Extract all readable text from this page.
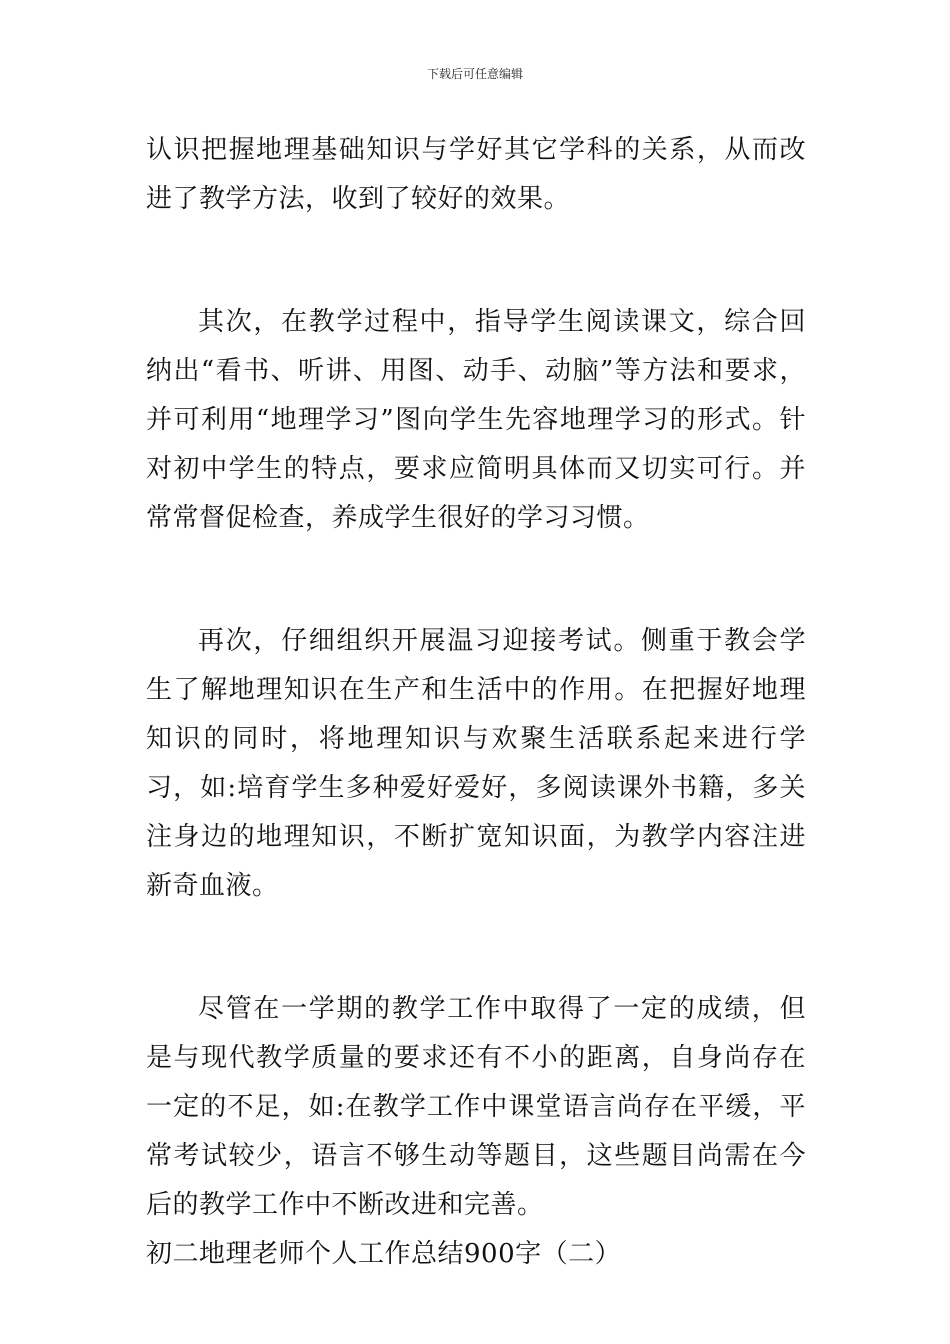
下载后可任意编辑

认识把握地理基础知识与学好其它学科的关系，从而改进了教学方法，收到了较好的效果。

其次，在教学过程中，指导学生阅读课文，综合回纳出“看书、听讲、用图、动手、动脑”等方法和要求，并可利用“地理学习”图向学生先容地理学习的形式。针对初中学生的特点，要求应简明具体而又切实可行。并常常督促检查，养成学生很好的学习习惯。

再次，仔细组织开展温习迎接考试。侧重于教会学生了解地理知识在生产和生活中的作用。在把握好地理知识的同时，将地理知识与欢聚生活联系起来进行学习，如:培育学生多种爱好爱好，多阅读课外书籍，多关注身边的地理知识，不断扩宽知识面，为教学内容注进新奇血液。

尽管在一学期的教学工作中取得了一定的成绩，但是与现代教学质量的要求还有不小的距离，自身尚存在一定的不足，如:在教学工作中课堂语言尚存在平缓，平常考试较少，语言不够生动等题目，这些题目尚需在今后的教学工作中不断改进和完善。

初二地理老师个人工作总结900字（二）
